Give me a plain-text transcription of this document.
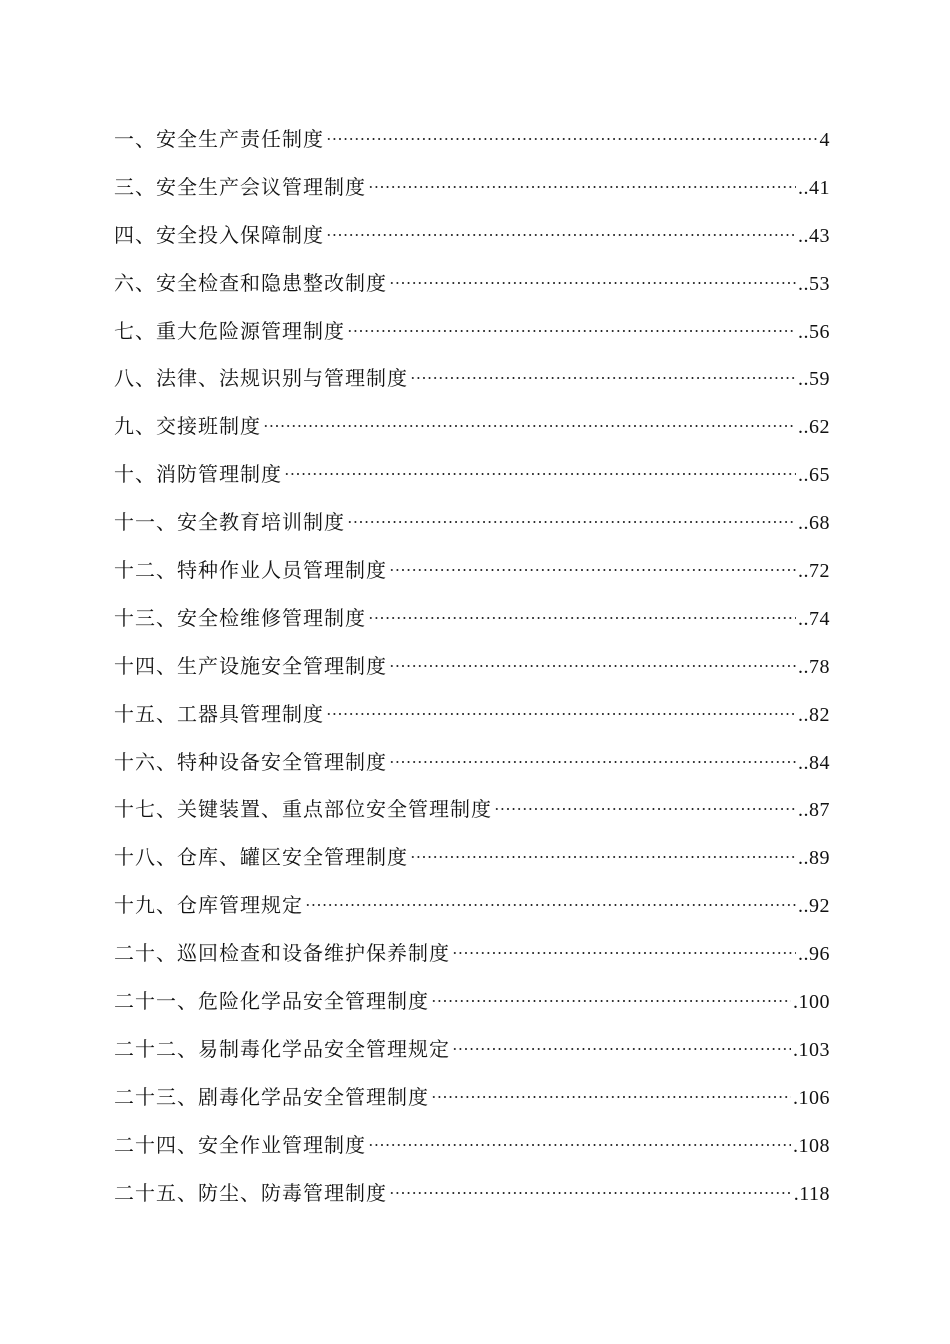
一、安全生产责任制度	4
三、安全生产会议管理制度	..41
四、安全投入保障制度	..43
六、安全检查和隐患整改制度	..53
七、重大危险源管理制度	..56
八、法律、法规识别与管理制度	..59
九、交接班制度	..62
十、消防管理制度	..65
十一、安全教育培训制度	..68
十二、特种作业人员管理制度	..72
十三、安全检维修管理制度	..74
十四、生产设施安全管理制度	..78
十五、工器具管理制度	..82
十六、特种设备安全管理制度	..84
十七、关键装置、重点部位安全管理制度	..87
十八、仓库、罐区安全管理制度	..89
十九、仓库管理规定	..92
二十、巡回检查和设备维护保养制度	..96
二十一、危险化学品安全管理制度	.100
二十二、易制毒化学品安全管理规定	.103
二十三、剧毒化学品安全管理制度	.106
二十四、安全作业管理制度	.108
二十五、防尘、防毒管理制度	.118
